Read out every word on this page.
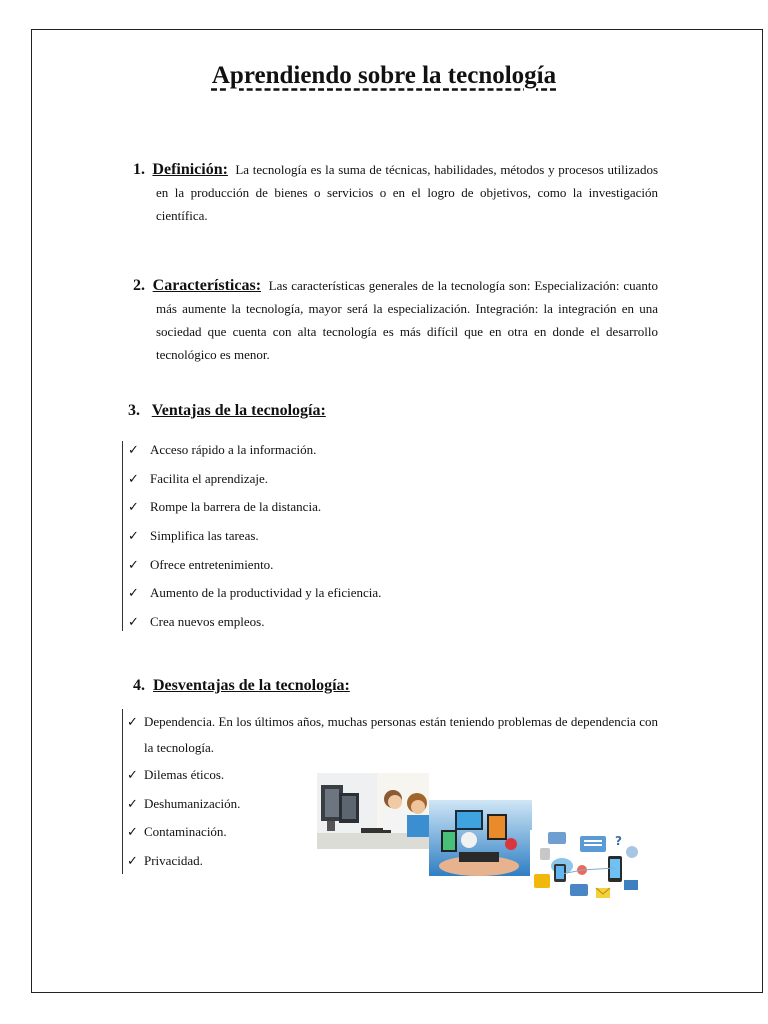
Aprendiendo sobre la tecnología
1. Definición: La tecnología es la suma de técnicas, habilidades, métodos y procesos utilizados en la producción de bienes o servicios o en el logro de objetivos, como la investigación científica.
2. Características: Las características generales de la tecnología son: Especialización: cuanto más aumente la tecnología, mayor será la especialización. Integración: la integración en una sociedad que cuenta con alta tecnología es más difícil que en otra en donde el desarrollo tecnológico es menor.
3. Ventajas de la tecnología:
✓ Acceso rápido a la información.
✓ Facilita el aprendizaje.
✓ Rompe la barrera de la distancia.
✓ Simplifica las tareas.
✓ Ofrece entretenimiento.
✓ Aumento de la productividad y la eficiencia.
✓ Crea nuevos empleos.
4. Desventajas de la tecnología:
✓ Dependencia. En los últimos años, muchas personas están teniendo problemas de dependencia con la tecnología.
✓ Dilemas éticos.
✓ Deshumanización.
✓ Contaminación.
✓ Privacidad.
?
